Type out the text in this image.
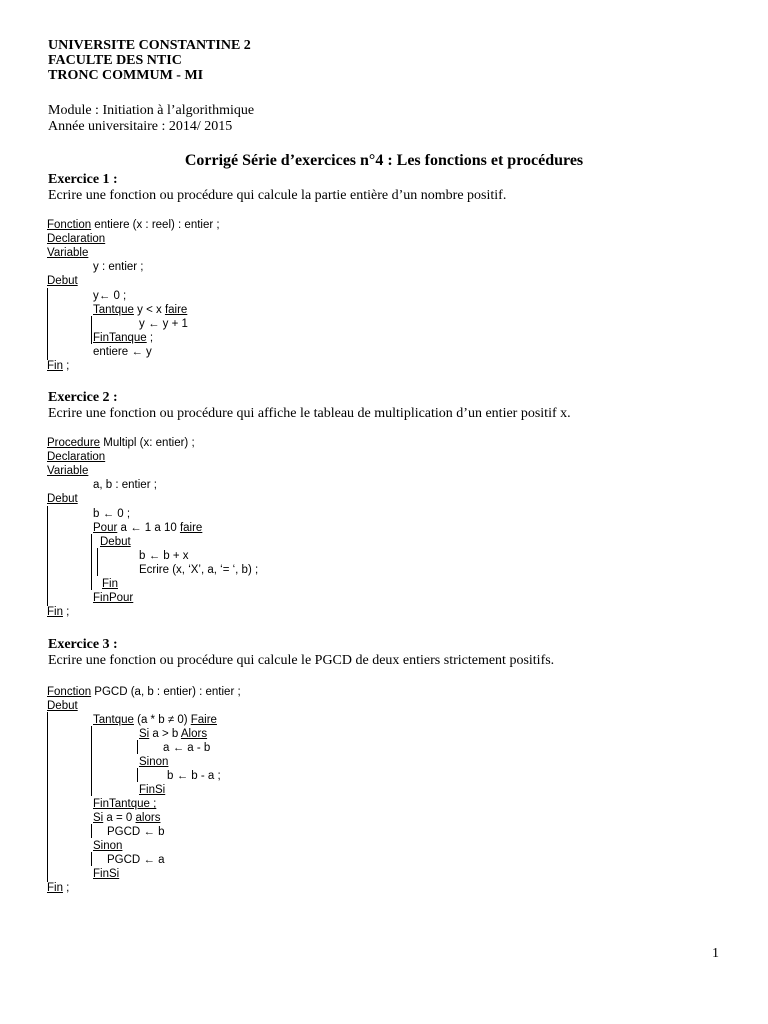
UNIVERSITE CONSTANTINE 2
FACULTE DES NTIC
TRONC COMMUM - MI
Module : Initiation à l’algorithmique
Année universitaire : 2014/ 2015
Corrigé Série d’exercices n°4 : Les fonctions et procédures
Exercice 1 :
Ecrire une fonction ou procédure qui calcule la partie entière d’un nombre positif.
Fonction entiere (x : reel) : entier ;
Declaration
Variable
y : entier ;
Debut
y← 0 ;
Tantque y < x faire
y ← y + 1
FinTanque ;
entiere ← y
Fin ;
Exercice 2 :
Ecrire une fonction ou procédure qui affiche le tableau de multiplication d’un entier positif x.
Procedure Multipl (x: entier) ;
Declaration
Variable
a, b : entier ;
Debut
b ← 0 ;
Pour a ← 1 a 10 faire
Debut
b ← b + x
Ecrire (x, ‘X’, a, ‘= ‘, b) ;
Fin
FinPour
Fin ;
Exercice 3 :
Ecrire une fonction ou procédure qui calcule le PGCD de deux entiers strictement positifs.
Fonction PGCD (a, b : entier) : entier ;
Debut
Tantque (a * b ≠ 0) Faire
Si a > b Alors
a ← a - b
Sinon
b ← b - a ;
FinSi
FinTantque ;
Si a = 0 alors
PGCD ← b
Sinon
PGCD ← a
FinSi
Fin ;
1
